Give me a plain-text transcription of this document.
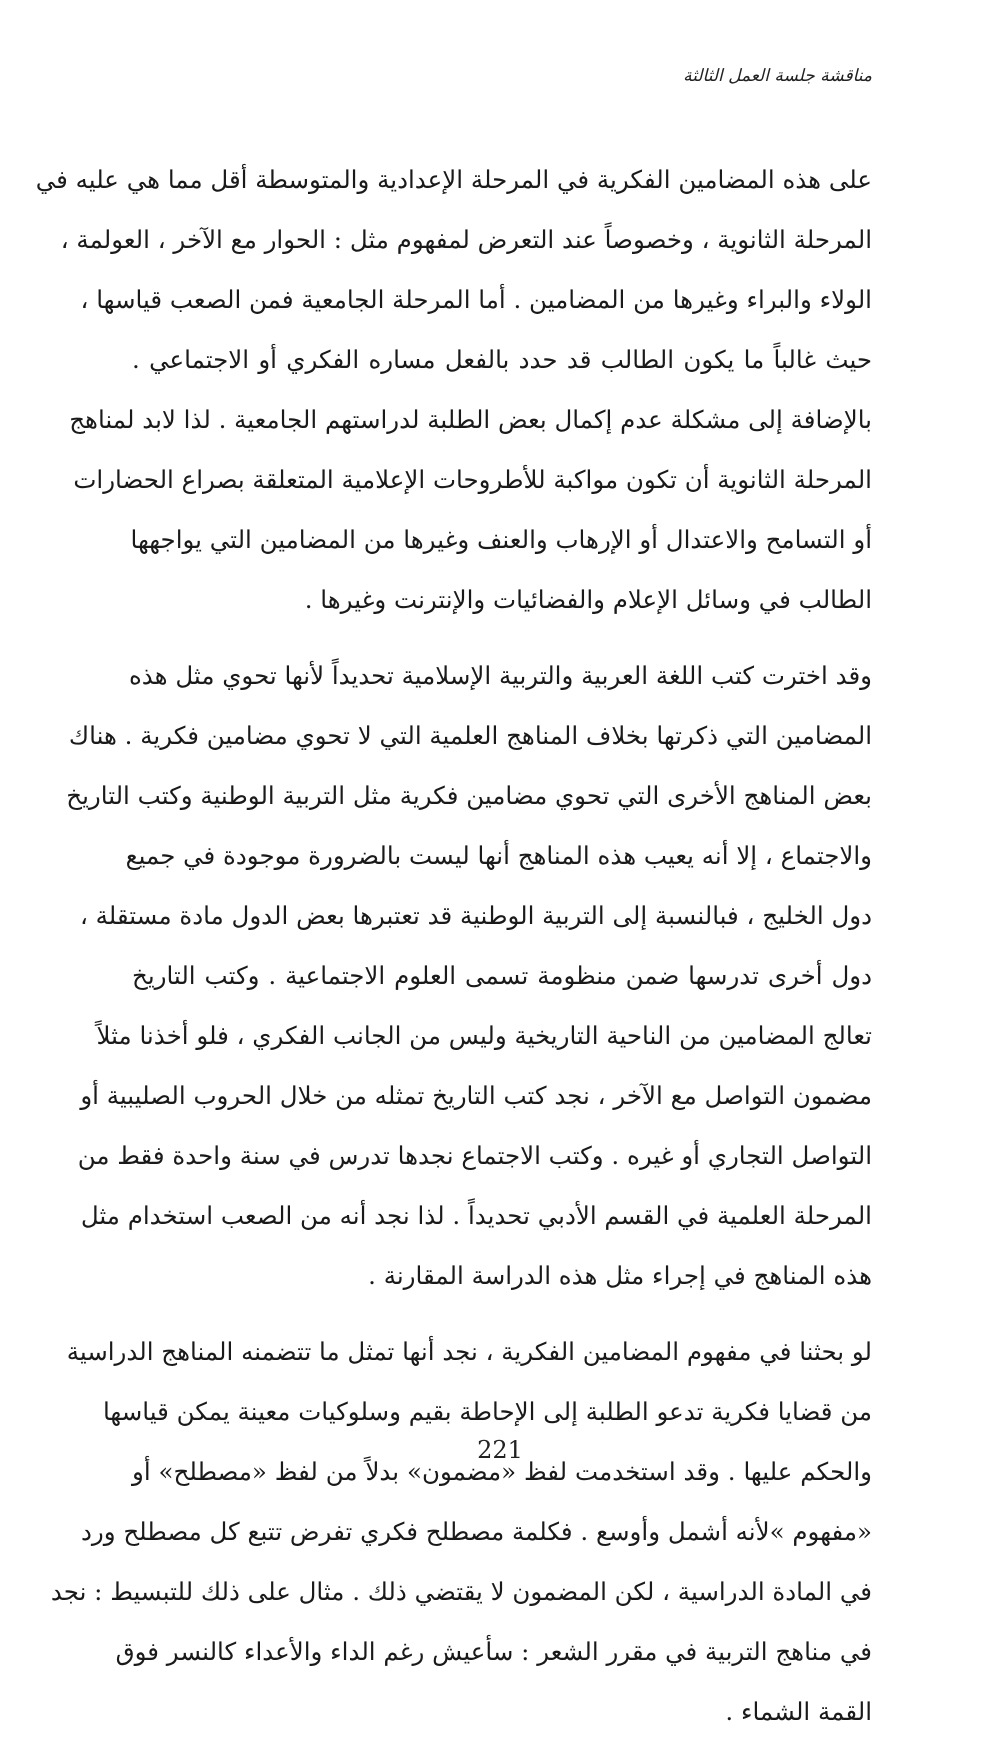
مناقشة جلسة العمل الثالثة

على هذه المضامين الفكرية في المرحلة الإعدادية والمتوسطة أقل مما هي عليه في
المرحلة الثانوية ، وخصوصاً عند التعرض لمفهوم مثل : الحوار مع الآخر ، العولمة ،
الولاء والبراء وغيرها من المضامين . أما المرحلة الجامعية فمن الصعب قياسها ،
حيث غالباً ما يكون الطالب قد حدد بالفعل مساره الفكري أو الاجتماعي .
بالإضافة إلى مشكلة عدم إكمال بعض الطلبة لدراستهم الجامعية . لذا لابد لمناهج
المرحلة الثانوية أن تكون مواكبة للأطروحات الإعلامية المتعلقة بصراع الحضارات
أو التسامح والاعتدال أو الإرهاب والعنف وغيرها من المضامين التي يواجهها
الطالب في وسائل الإعلام والفضائيات والإنترنت وغيرها .

وقد اخترت كتب اللغة العربية والتربية الإسلامية تحديداً لأنها تحوي مثل هذه
المضامين التي ذكرتها بخلاف المناهج العلمية التي لا تحوي مضامين فكرية . هناك
بعض المناهج الأخرى التي تحوي مضامين فكرية مثل التربية الوطنية وكتب التاريخ
والاجتماع ، إلا أنه يعيب هذه المناهج أنها ليست بالضرورة موجودة في جميع
دول الخليج ، فبالنسبة إلى التربية الوطنية قد تعتبرها بعض الدول مادة مستقلة ،
دول أخرى تدرسها ضمن منظومة تسمى العلوم الاجتماعية . وكتب التاريخ
تعالج المضامين من الناحية التاريخية وليس من الجانب الفكري ، فلو أخذنا مثلاً
مضمون التواصل مع الآخر ، نجد كتب التاريخ تمثله من خلال الحروب الصليبية أو
التواصل التجاري أو غيره . وكتب الاجتماع نجدها تدرس في سنة واحدة فقط من
المرحلة العلمية في القسم الأدبي تحديداً . لذا نجد أنه من الصعب استخدام مثل
هذه المناهج في إجراء مثل هذه الدراسة المقارنة .

لو بحثنا في مفهوم المضامين الفكرية ، نجد أنها تمثل ما تتضمنه المناهج الدراسية
من قضايا فكرية تدعو الطلبة إلى الإحاطة بقيم وسلوكيات معينة يمكن قياسها
والحكم عليها . وقد استخدمت لفظ «مضمون» بدلاً من لفظ «مصطلح» أو
«مفهوم »لأنه أشمل وأوسع . فكلمة مصطلح فكري تفرض تتبع كل مصطلح ورد
في المادة الدراسية ، لكن المضمون لا يقتضي ذلك . مثال على ذلك للتبسيط : نجد
في مناهج التربية في مقرر الشعر : سأعيش رغم الداء والأعداء كالنسر فوق
القمة الشماء .

221
